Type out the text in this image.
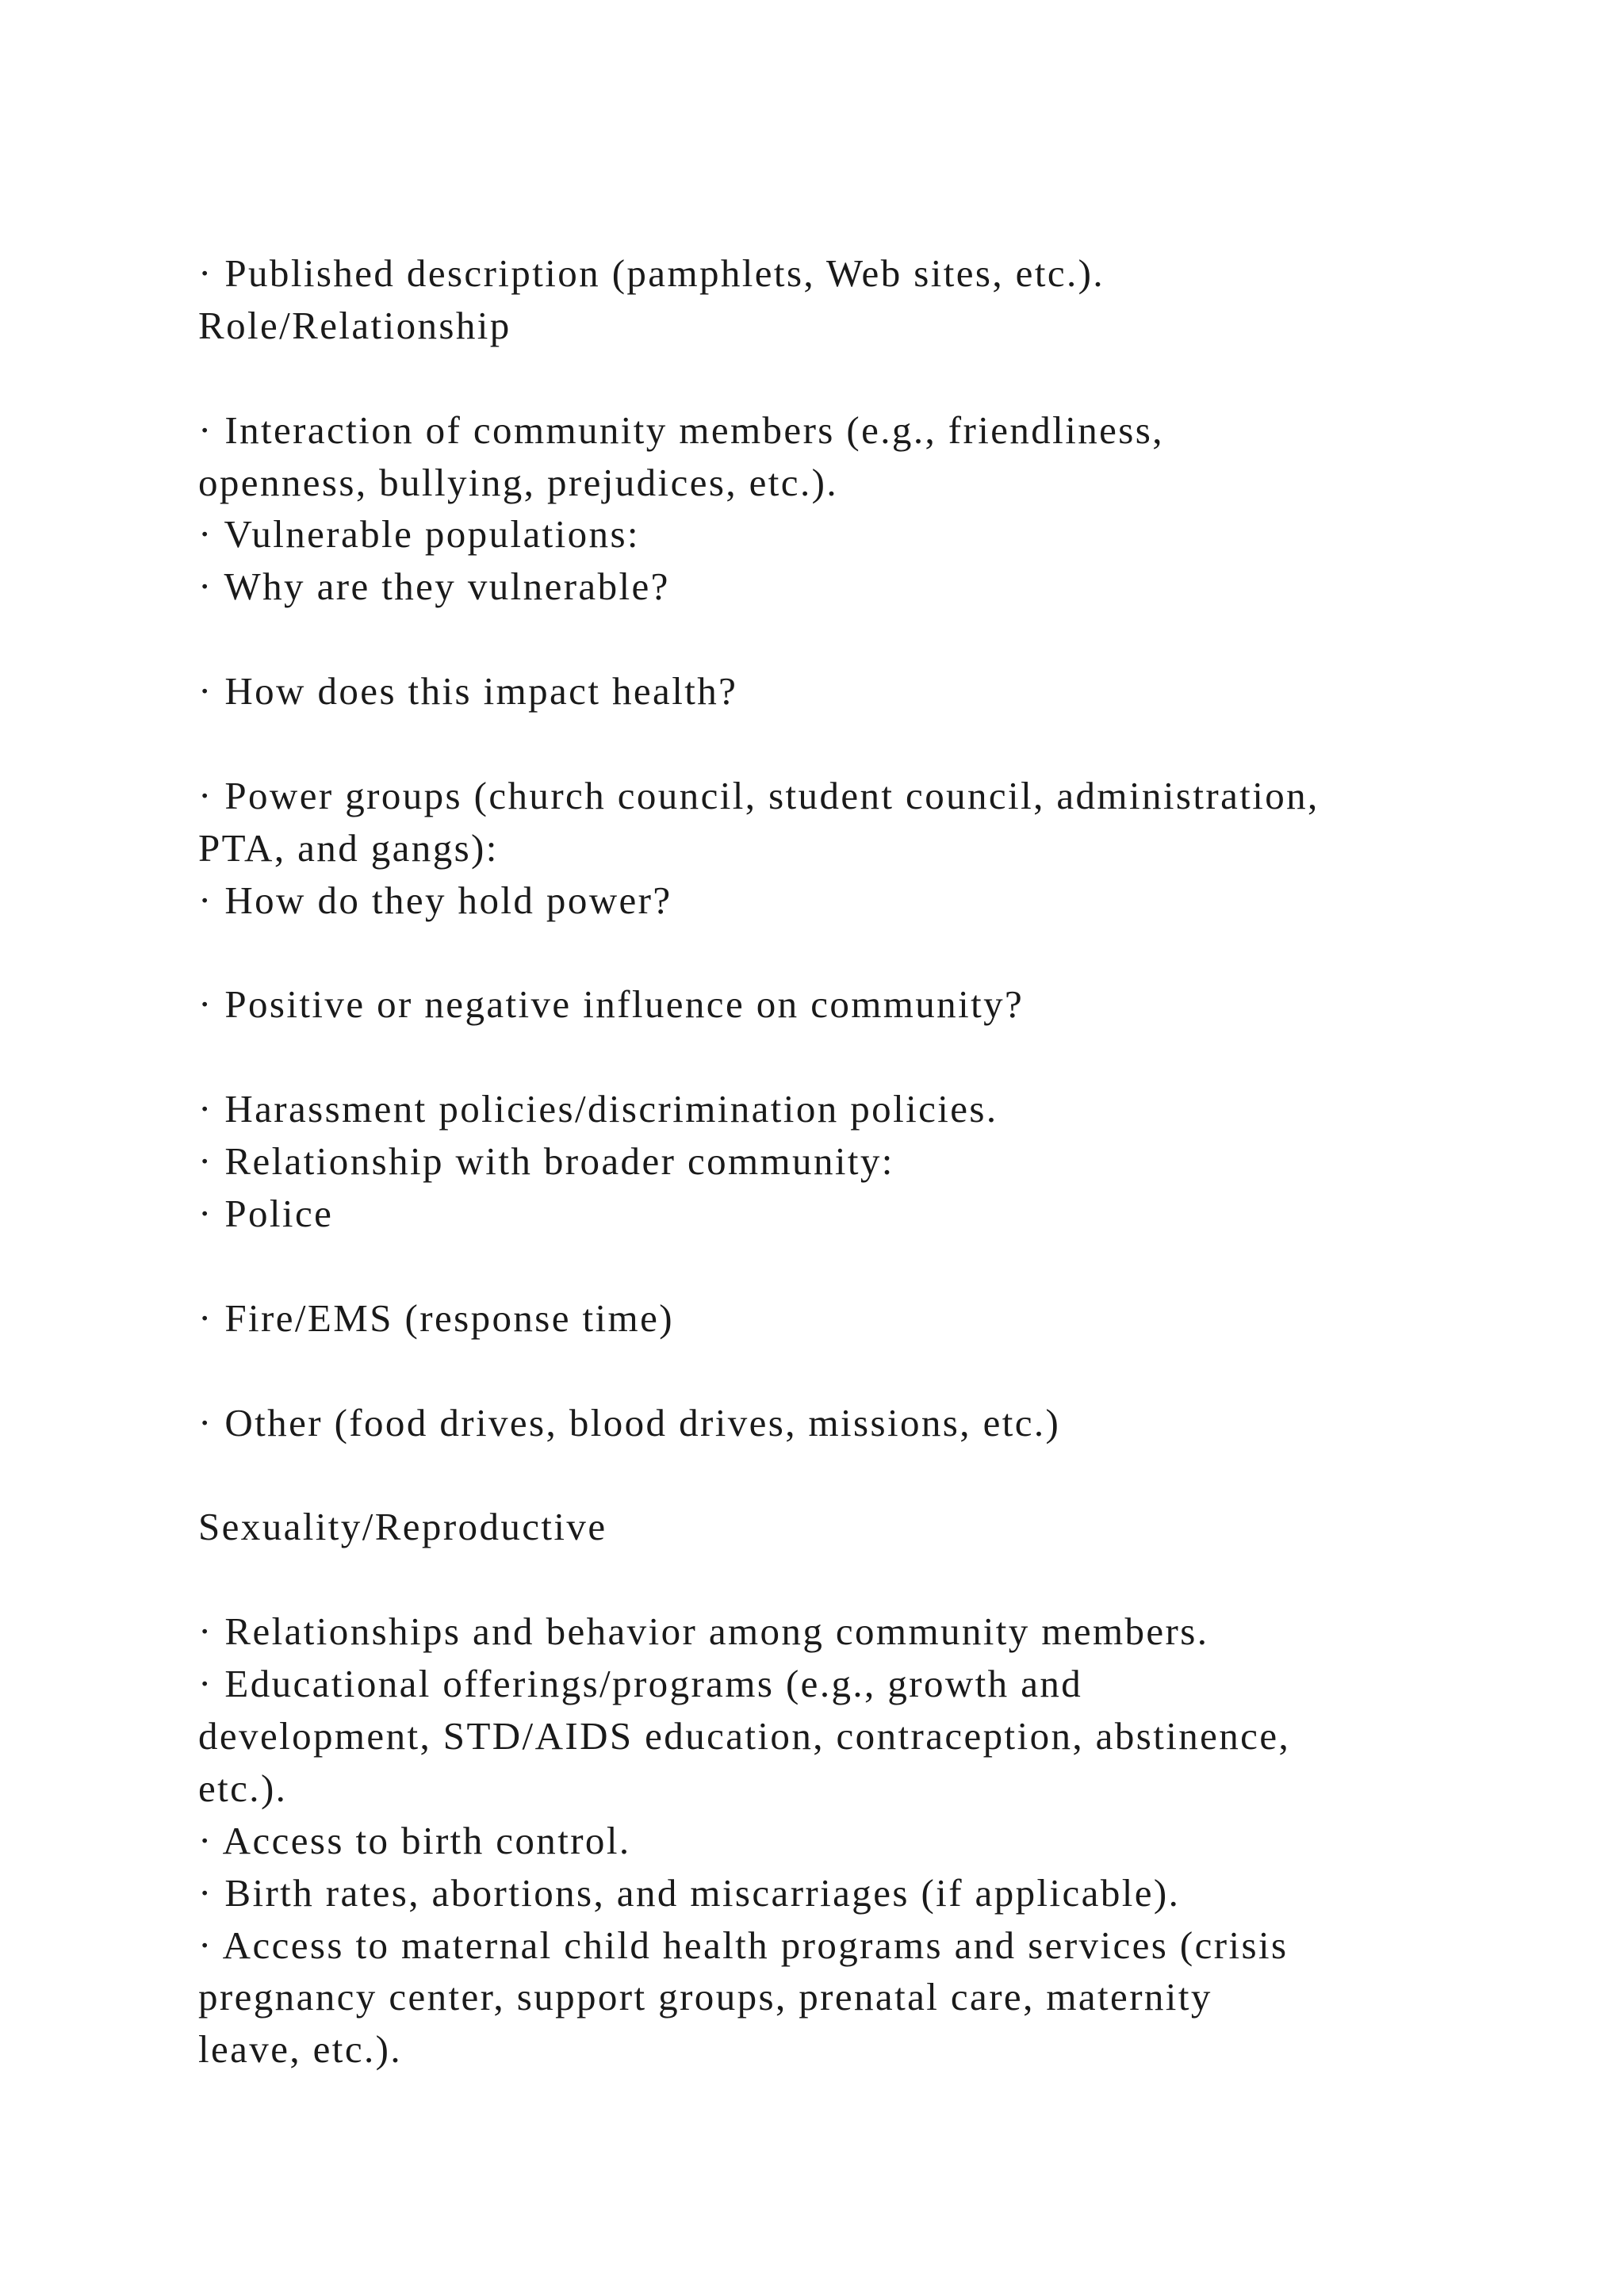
· Published description (pamphlets, Web sites, etc.).
Role/Relationship
· Interaction of community members (e.g., friendliness,
openness, bullying, prejudices, etc.).
· Vulnerable populations:
· Why are they vulnerable?
· How does this impact health?
· Power groups (church council, student council, administration,
PTA, and gangs):
· How do they hold power?
· Positive or negative influence on community?
· Harassment policies/discrimination policies.
· Relationship with broader community:
· Police
· Fire/EMS (response time)
· Other (food drives, blood drives, missions, etc.)
Sexuality/Reproductive
· Relationships and behavior among community members.
· Educational offerings/programs (e.g., growth and
development, STD/AIDS education, contraception, abstinence,
etc.).
· Access to birth control.
· Birth rates, abortions, and miscarriages (if applicable).
· Access to maternal child health programs and services (crisis
pregnancy center, support groups, prenatal care, maternity
leave, etc.).
